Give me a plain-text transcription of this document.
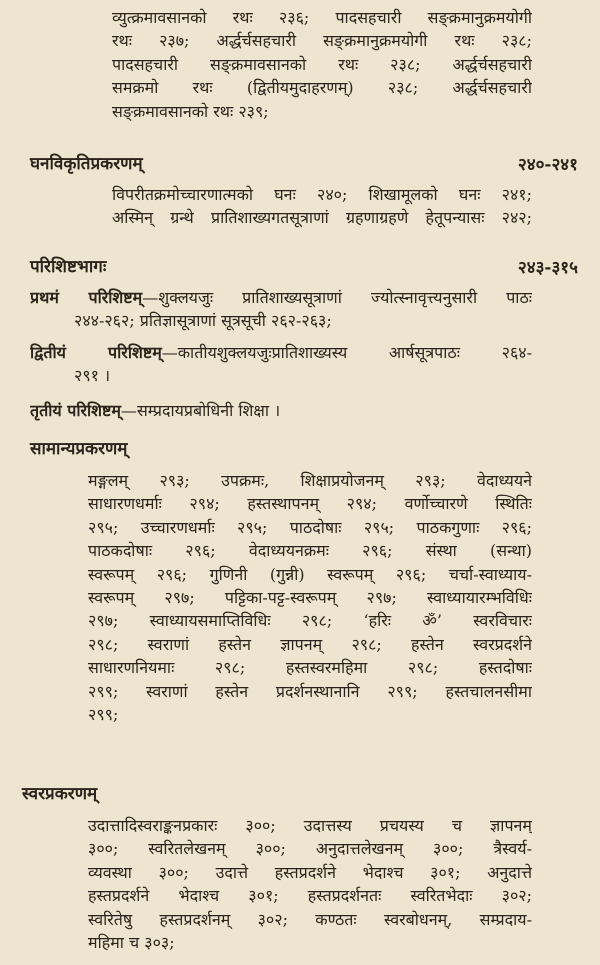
व्युत्क्रमावसानको रथः २३६; पादसहचारी सङ्क्रमानुक्रमयोगी
रथः २३७; अर्द्धर्चसहचारी सङ्क्रमानुक्रमयोगी रथः २३८;
पादसहचारी सङ्क्रमावसानको रथः २३८; अर्द्धर्चसहचारी
समक्रमो रथः (द्वितीयमुदाहरणम्) २३८; अर्द्धर्चसहचारी
सङ्क्रमावसानको रथः २३९;
घनविकृतिप्रकरणम्	२४०-२४१
विपरीतक्रमोच्चारणात्मको घनः २४०; शिखामूलको घनः २४१;
अस्मिन् ग्रन्थे प्रातिशाख्यगतसूत्राणां ग्रहणाग्रहणे हेतूपन्यासः २४२;
परिशिष्टभागः	२४३-३१५
प्रथमं परिशिष्टम्—शुक्लयजुः प्रातिशाख्यसूत्राणां ज्योत्स्नावृत्त्यनुसारी पाठः
२४४-२६२; प्रतिज्ञासूत्राणां सूत्रसूची २६२-२६३;
द्वितीयं परिशिष्टम्—कातीयशुक्लयजुःप्रातिशाख्यस्य आर्षसूत्रपाठः २६४-
२९१ ।
तृतीयं परिशिष्टम्—सम्प्रदायप्रबोधिनी शिक्षा ।
सामान्यप्रकरणम्
मङ्गलम् २९३; उपक्रमः, शिक्षाप्रयोजनम् २९३; वेदाध्ययने
साधारणधर्माः २९४; हस्तस्थापनम् २९४; वर्णोच्चारणे स्थितिः
२९५; उच्चारणधर्माः २९५; पाठदोषाः २९५; पाठकगुणाः २९६;
पाठकदोषाः २९६; वेदाध्ययनक्रमः २९६; संस्था (सन्था)
स्वरूपम् २९६; गुणिनी (गुन्नी) स्वरूपम् २९६; चर्चा-स्वाध्याय-
स्वरूपम् २९७; पट्टिका-पट्ट-स्वरूपम् २९७; स्वाध्यायारम्भविधिः
२९७; स्वाध्यायसमाप्तिविधिः २९८; ‘हरिः ॐ’ स्वरविचारः
२९८; स्वराणां हस्तेन ज्ञापनम् २९८; हस्तेन स्वरप्रदर्शने
साधारणनियमाः २९८; हस्तस्वरमहिमा २९८; हस्तदोषाः
२९९; स्वराणां हस्तेन प्रदर्शनस्थानानि २९९; हस्तचालनसीमा
२९९;
स्वरप्रकरणम्
उदात्तादिस्वराङ्कनप्रकारः ३००; उदात्तस्य प्रचयस्य च ज्ञापनम्
३००; स्वरितलेखनम् ३००; अनुदात्तलेखनम् ३००; त्रैस्वर्य-
व्यवस्था ३००; उदात्ते हस्तप्रदर्शने भेदाश्च ३०१; अनुदात्ते
हस्तप्रदर्शने भेदाश्च ३०१; हस्तप्रदर्शनतः स्वरितभेदाः ३०२;
स्वरितेषु हस्तप्रदर्शनम् ३०२; कण्ठतः स्वरबोधनम्, सम्प्रदाय-
महिमा च ३०३;
